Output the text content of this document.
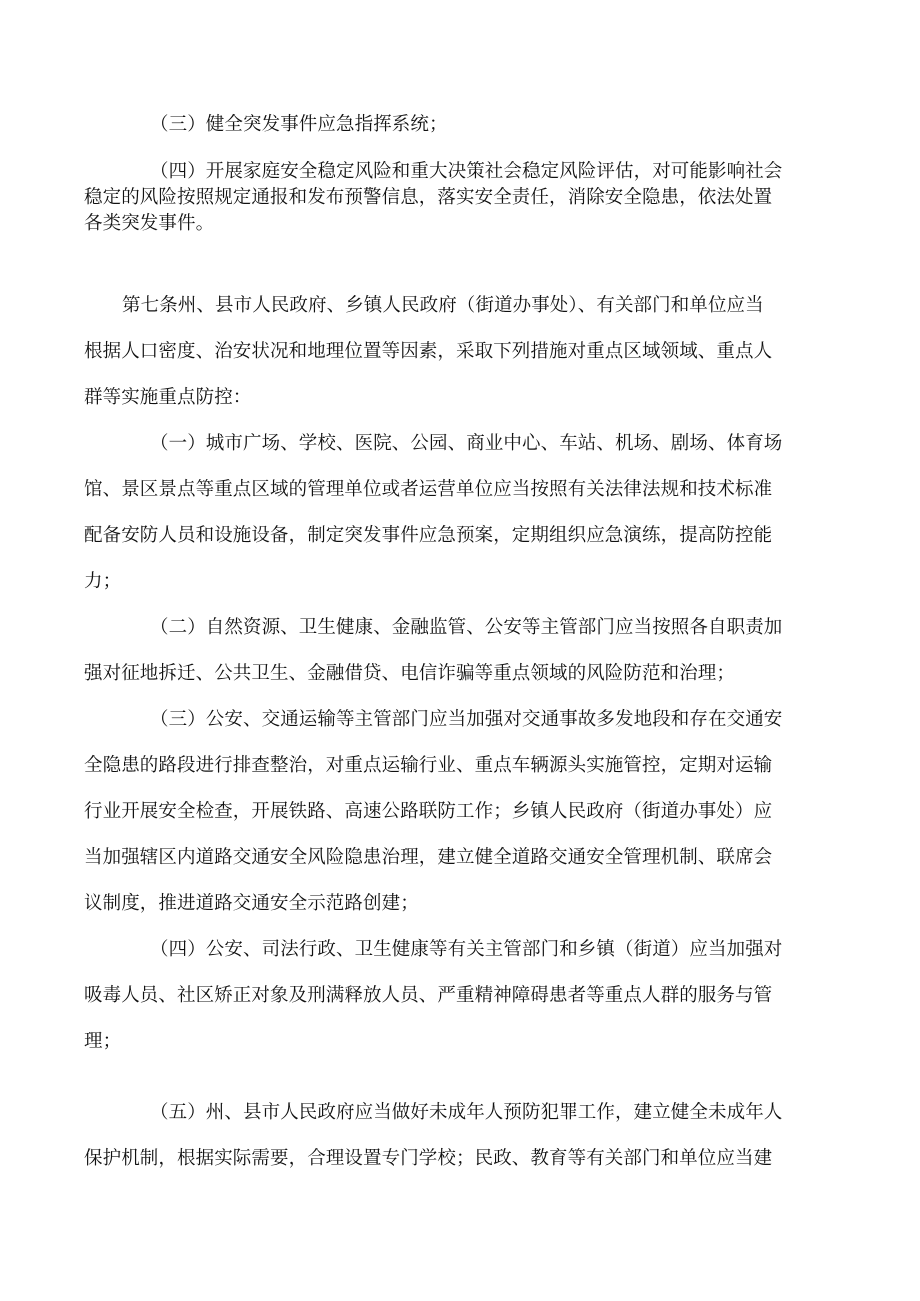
（三）健全突发事件应急指挥系统；

（四）开展家庭安全稳定风险和重大决策社会稳定风险评估，对可能影响社会

稳定的风险按照规定通报和发布预警信息，落实安全责任，消除安全隐患，依法处置

各类突发事件。

第七条州、县市人民政府、乡镇人民政府（街道办事处）、有关部门和单位应当

根据人口密度、治安状况和地理位置等因素，采取下列措施对重点区域领域、重点人

群等实施重点防控：

（一）城市广场、学校、医院、公园、商业中心、车站、机场、剧场、体育场

馆、景区景点等重点区域的管理单位或者运营单位应当按照有关法律法规和技术标准

配备安防人员和设施设备，制定突发事件应急预案，定期组织应急演练，提高防控能

力；

（二）自然资源、卫生健康、金融监管、公安等主管部门应当按照各自职责加

强对征地拆迁、公共卫生、金融借贷、电信诈骗等重点领域的风险防范和治理；

（三）公安、交通运输等主管部门应当加强对交通事故多发地段和存在交通安

全隐患的路段进行排查整治，对重点运输行业、重点车辆源头实施管控，定期对运输

行业开展安全检查，开展铁路、高速公路联防工作；乡镇人民政府（街道办事处）应

当加强辖区内道路交通安全风险隐患治理，建立健全道路交通安全管理机制、联席会

议制度，推进道路交通安全示范路创建；

（四）公安、司法行政、卫生健康等有关主管部门和乡镇（街道）应当加强对

吸毒人员、社区矫正对象及刑满释放人员、严重精神障碍患者等重点人群的服务与管

理；

（五）州、县市人民政府应当做好未成年人预防犯罪工作，建立健全未成年人

保护机制，根据实际需要，合理设置专门学校；民政、教育等有关部门和单位应当建
